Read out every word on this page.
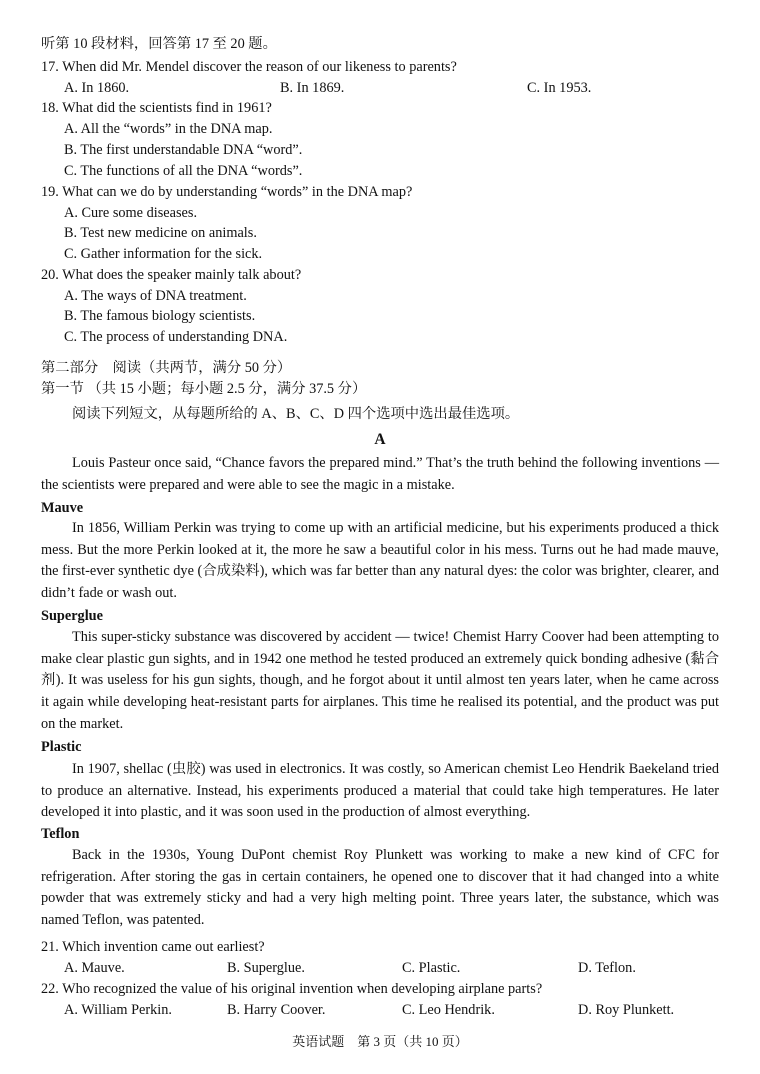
听第 10 段材料，回答第 17 至 20 题。
17. When did Mr. Mendel discover the reason of our likeness to parents?
A. In 1860.	B. In 1869.	C. In 1953.
18. What did the scientists find in 1961?
A. All the “words” in the DNA map.
B. The first understandable DNA “word”.
C. The functions of all the DNA “words”.
19. What can we do by understanding “words” in the DNA map?
A. Cure some diseases.
B. Test new medicine on animals.
C. Gather information for the sick.
20. What does the speaker mainly talk about?
A. The ways of DNA treatment.
B. The famous biology scientists.
C. The process of understanding DNA.
第二部分　阅读（共两节，满分 50 分）
第一节 （共 15 小题；每小题 2.5 分，满分 37.5 分）
阅读下列短文，从每题所给的 A、B、C、D 四个选项中选出最佳选项。
A
Louis Pasteur once said, “Chance favors the prepared mind.” That’s the truth behind the following inventions — the scientists were prepared and were able to see the magic in a mistake.
Mauve
In 1856, William Perkin was trying to come up with an artificial medicine, but his experiments produced a thick mess. But the more Perkin looked at it, the more he saw a beautiful color in his mess. Turns out he had made mauve, the first-ever synthetic dye (合成染料), which was far better than any natural dyes: the color was brighter, clearer, and didn’t fade or wash out.
Superglue
This super-sticky substance was discovered by accident — twice! Chemist Harry Coover had been attempting to make clear plastic gun sights, and in 1942 one method he tested produced an extremely quick bonding adhesive (黏合剂). It was useless for his gun sights, though, and he forgot about it until almost ten years later, when he came across it again while developing heat-resistant parts for airplanes. This time he realised its potential, and the product was put on the market.
Plastic
In 1907, shellac (虫胶) was used in electronics. It was costly, so American chemist Leo Hendrik Baekeland tried to produce an alternative. Instead, his experiments produced a material that could take high temperatures. He later developed it into plastic, and it was soon used in the production of almost everything.
Teflon
Back in the 1930s, Young DuPont chemist Roy Plunkett was working to make a new kind of CFC for refrigeration. After storing the gas in certain containers, he opened one to discover that it had changed into a white powder that was extremely sticky and had a very high melting point. Three years later, the substance, which was named Teflon, was patented.
21. Which invention came out earliest?
A. Mauve.	B. Superglue.	C. Plastic.	D. Teflon.
22. Who recognized the value of his original invention when developing airplane parts?
A. William Perkin.	B. Harry Coover.	C. Leo Hendrik.	D. Roy Plunkett.
英语试题　第 3 页（共 10 页）
